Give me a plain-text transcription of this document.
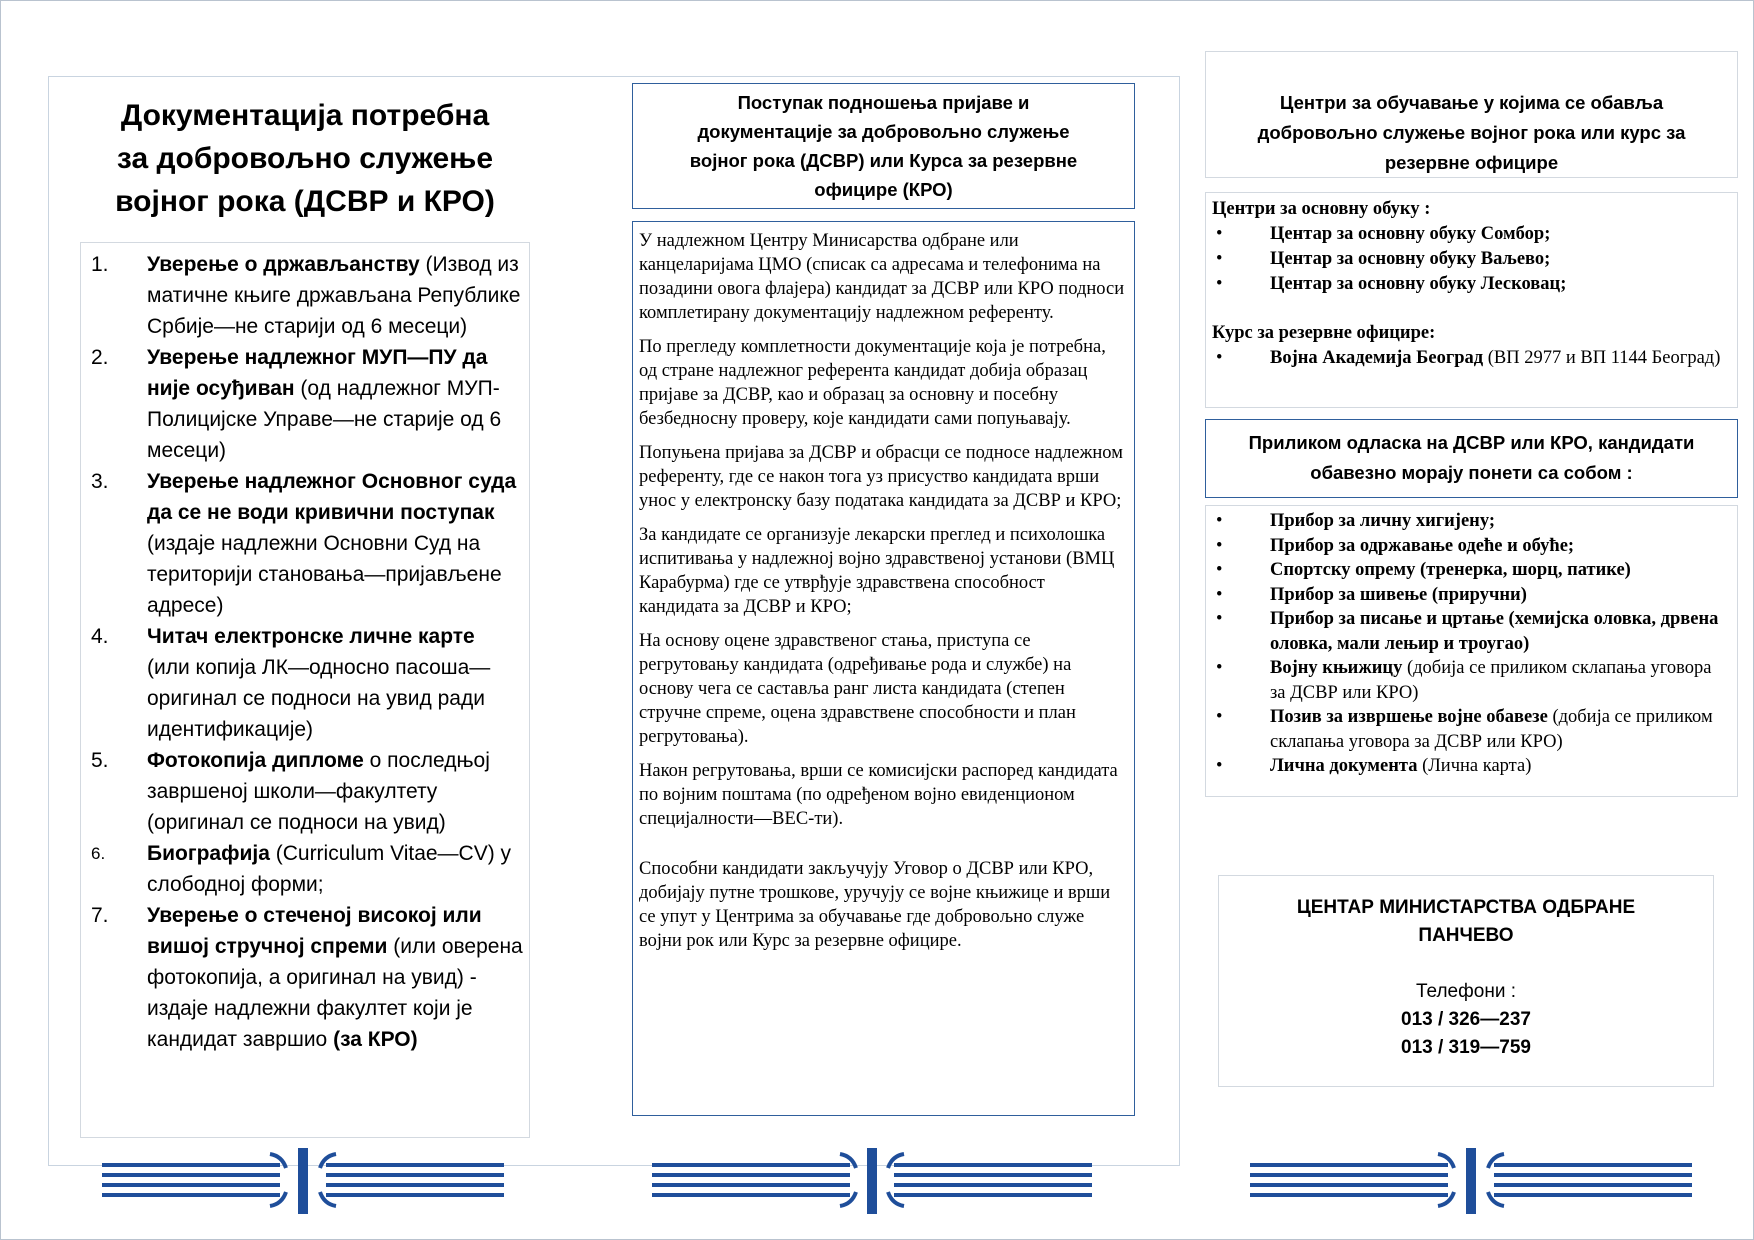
Документација потребна
за добровољно служење
војног рока (ДСВР и КРО)
1. Уверење о држављанству (Извод из матичне књиге држављана Републике Србије—не старији од 6 месеци)
2. Уверење надлежног МУП—ПУ да није осуђиван (од надлежног МУП-Полицијске Управе—не старије од 6 месеци)
3. Уверење надлежног Основног суда да се не води кривични поступак (издаје надлежни Основни Суд на територији становања—пријављене адресе)
4. Читач електронске личне карте (или копија ЛК—односно пасоша—оригинал се подноси на увид ради идентификације)
5. Фотокопија дипломе о последњој завршеној школи—факултету (оригинал се подноси на увид)
6. Биографија (Curriculum Vitae—CV) у слободној форми;
7. Уверење о стеченој високој или вишој стручној спреми (или оверена фотокопија, а оригинал на увид) - издаје надлежни факултет који је кандидат завршио (за КРО)
Поступак подношења пријаве и
документације за добровољно служење
војног рока (ДСВР) или Курса за резервне
официре (КРО)

У надлежном Центру Минисарства одбране или канцеларијама ЦМО (списак са адресама и телефонима на позадини овога флајера) кандидат за ДСВР или КРО подноси комплетирану документацију надлежном референту.

По прегледу комплетности документације која је потребна, од стране надлежног референта кандидат добија образац пријаве за ДСВР, као и образац за основну и посебну безбедносну проверу, које кандидати сами попуњавају.

Попуњена пријава за ДСВР и обрасци се подносе надлежном референту, где се након тога уз присуство кандидата врши унос у електронску базу података кандидата за ДСВР и КРО;

За кандидате се организује лекарски преглед и психолошка испитивања у надлежној војно здравственој установи (ВМЦ Карабурма) где се утврђује здравствена способност кандидата за ДСВР и КРО;

На основу оцене здравственог стања, приступа се регрутовању кандидата (одређивање рода и службе) на основу чега се саставља ранг листа кандидата (степен стручне спреме, оцена здравствене способности и план регрутовања).

Након регрутовања, врши се комисијски распоред кандидата по војним поштама (по одређеном војно евиденционом специјалности—ВЕС-ти).

Способни кандидати закључују Уговор о ДСВР или КРО, добијају путне трошкове, уручују се војне књижице и врши се упут у Центрима за обучавање где добровољно служе војни рок или Курс за резервне официре.

Центри за обучавање у којима се обавља
добровољно служење војног рока или курс за
резервне официре
Центри за основну обуку :
•	Центар за основну обуку Сомбор;
•	Центар за основну обуку Ваљево;
•	Центар за основну обуку Лесковац;
Курс за резервне официре:
•	Војна Академија Београд (ВП 2977 и ВП 1144 Београд)
Приликом одласка на ДСВР или КРО, кандидати
обавезно морају понети са собом :
•	Прибор за личну хигијену;
•	Прибор за одржавање одеће и обуће;
•	Спортску опрему (тренерка, шорц, патике)
•	Прибор за шивење (приручни)
•	Прибор за писање и цртање (хемијска оловка, дрвена оловка, мали лењир и троугао)
•	Војну књижицу (добија се приликом склапања уговора за ДСВР или КРО)
•	Позив за извршење војне обавезе (добија се приликом склапања уговора за ДСВР или КРО)
•	Лична документа (Лична карта)
ЦЕНТАР МИНИСТАРСТВА ОДБРАНЕ
ПАНЧЕВО
Телефони :
013 / 326—237
013 / 319—759
